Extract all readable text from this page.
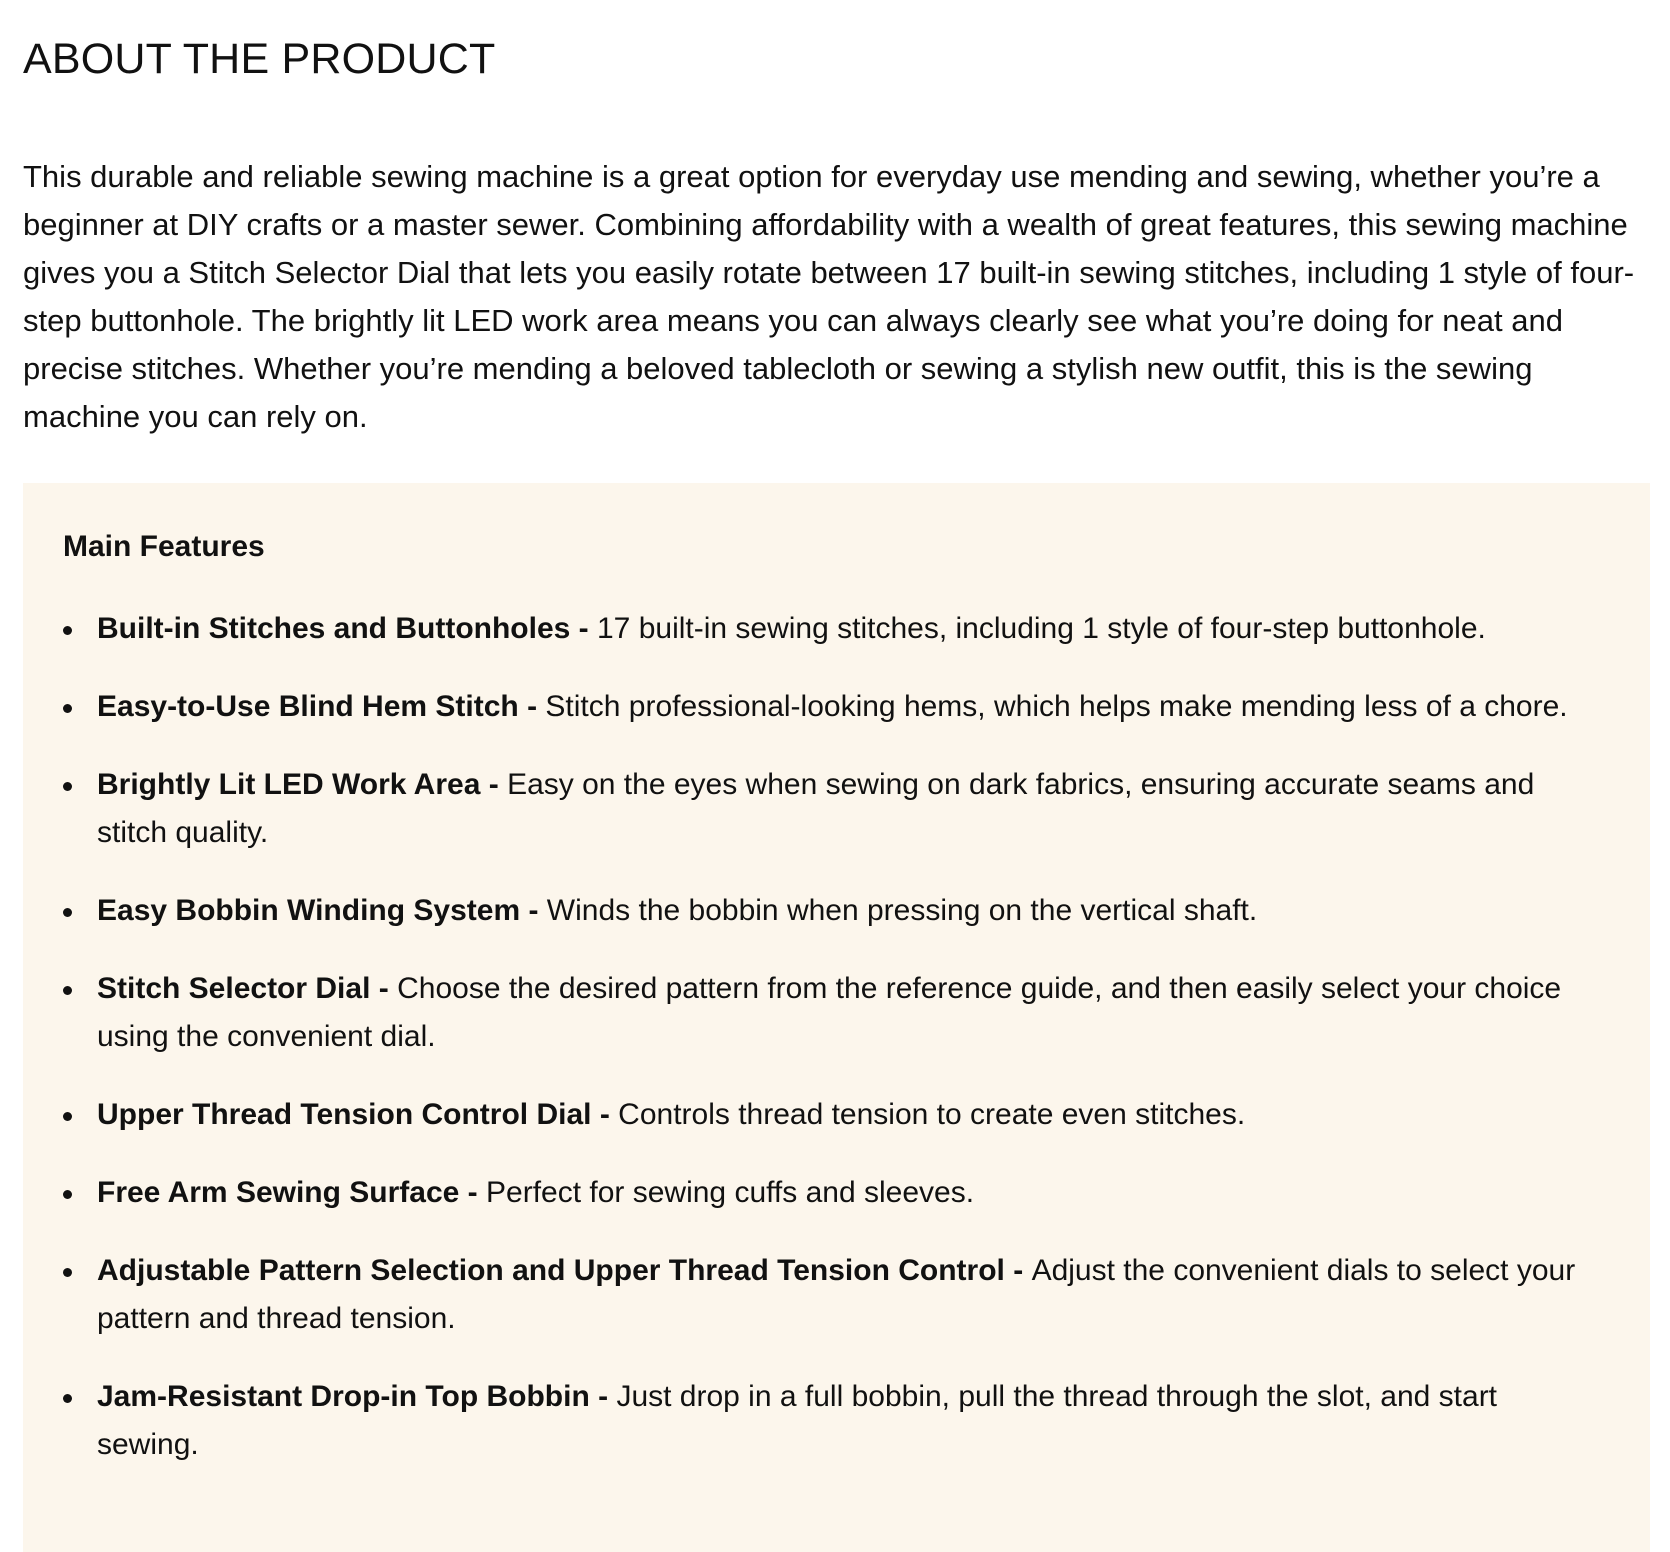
ABOUT THE PRODUCT

This durable and reliable sewing machine is a great option for everyday use mending and sewing, whether you’re a beginner at DIY crafts or a master sewer. Combining affordability with a wealth of great features, this sewing machine gives you a Stitch Selector Dial that lets you easily rotate between 17 built-in sewing stitches, including 1 style of four-step buttonhole. The brightly lit LED work area means you can always clearly see what you’re doing for neat and precise stitches. Whether you’re mending a beloved tablecloth or sewing a stylish new outfit, this is the sewing machine you can rely on.

Main Features
Built-in Stitches and Buttonholes - 17 built-in sewing stitches, including 1 style of four-step buttonhole.
Easy-to-Use Blind Hem Stitch - Stitch professional-looking hems, which helps make mending less of a chore.
Brightly Lit LED Work Area - Easy on the eyes when sewing on dark fabrics, ensuring accurate seams and stitch quality.
Easy Bobbin Winding System - Winds the bobbin when pressing on the vertical shaft.
Stitch Selector Dial - Choose the desired pattern from the reference guide, and then easily select your choice using the convenient dial.
Upper Thread Tension Control Dial - Controls thread tension to create even stitches.
Free Arm Sewing Surface - Perfect for sewing cuffs and sleeves.
Adjustable Pattern Selection and Upper Thread Tension Control - Adjust the convenient dials to select your pattern and thread tension.
Jam-Resistant Drop-in Top Bobbin - Just drop in a full bobbin, pull the thread through the slot, and start sewing.
